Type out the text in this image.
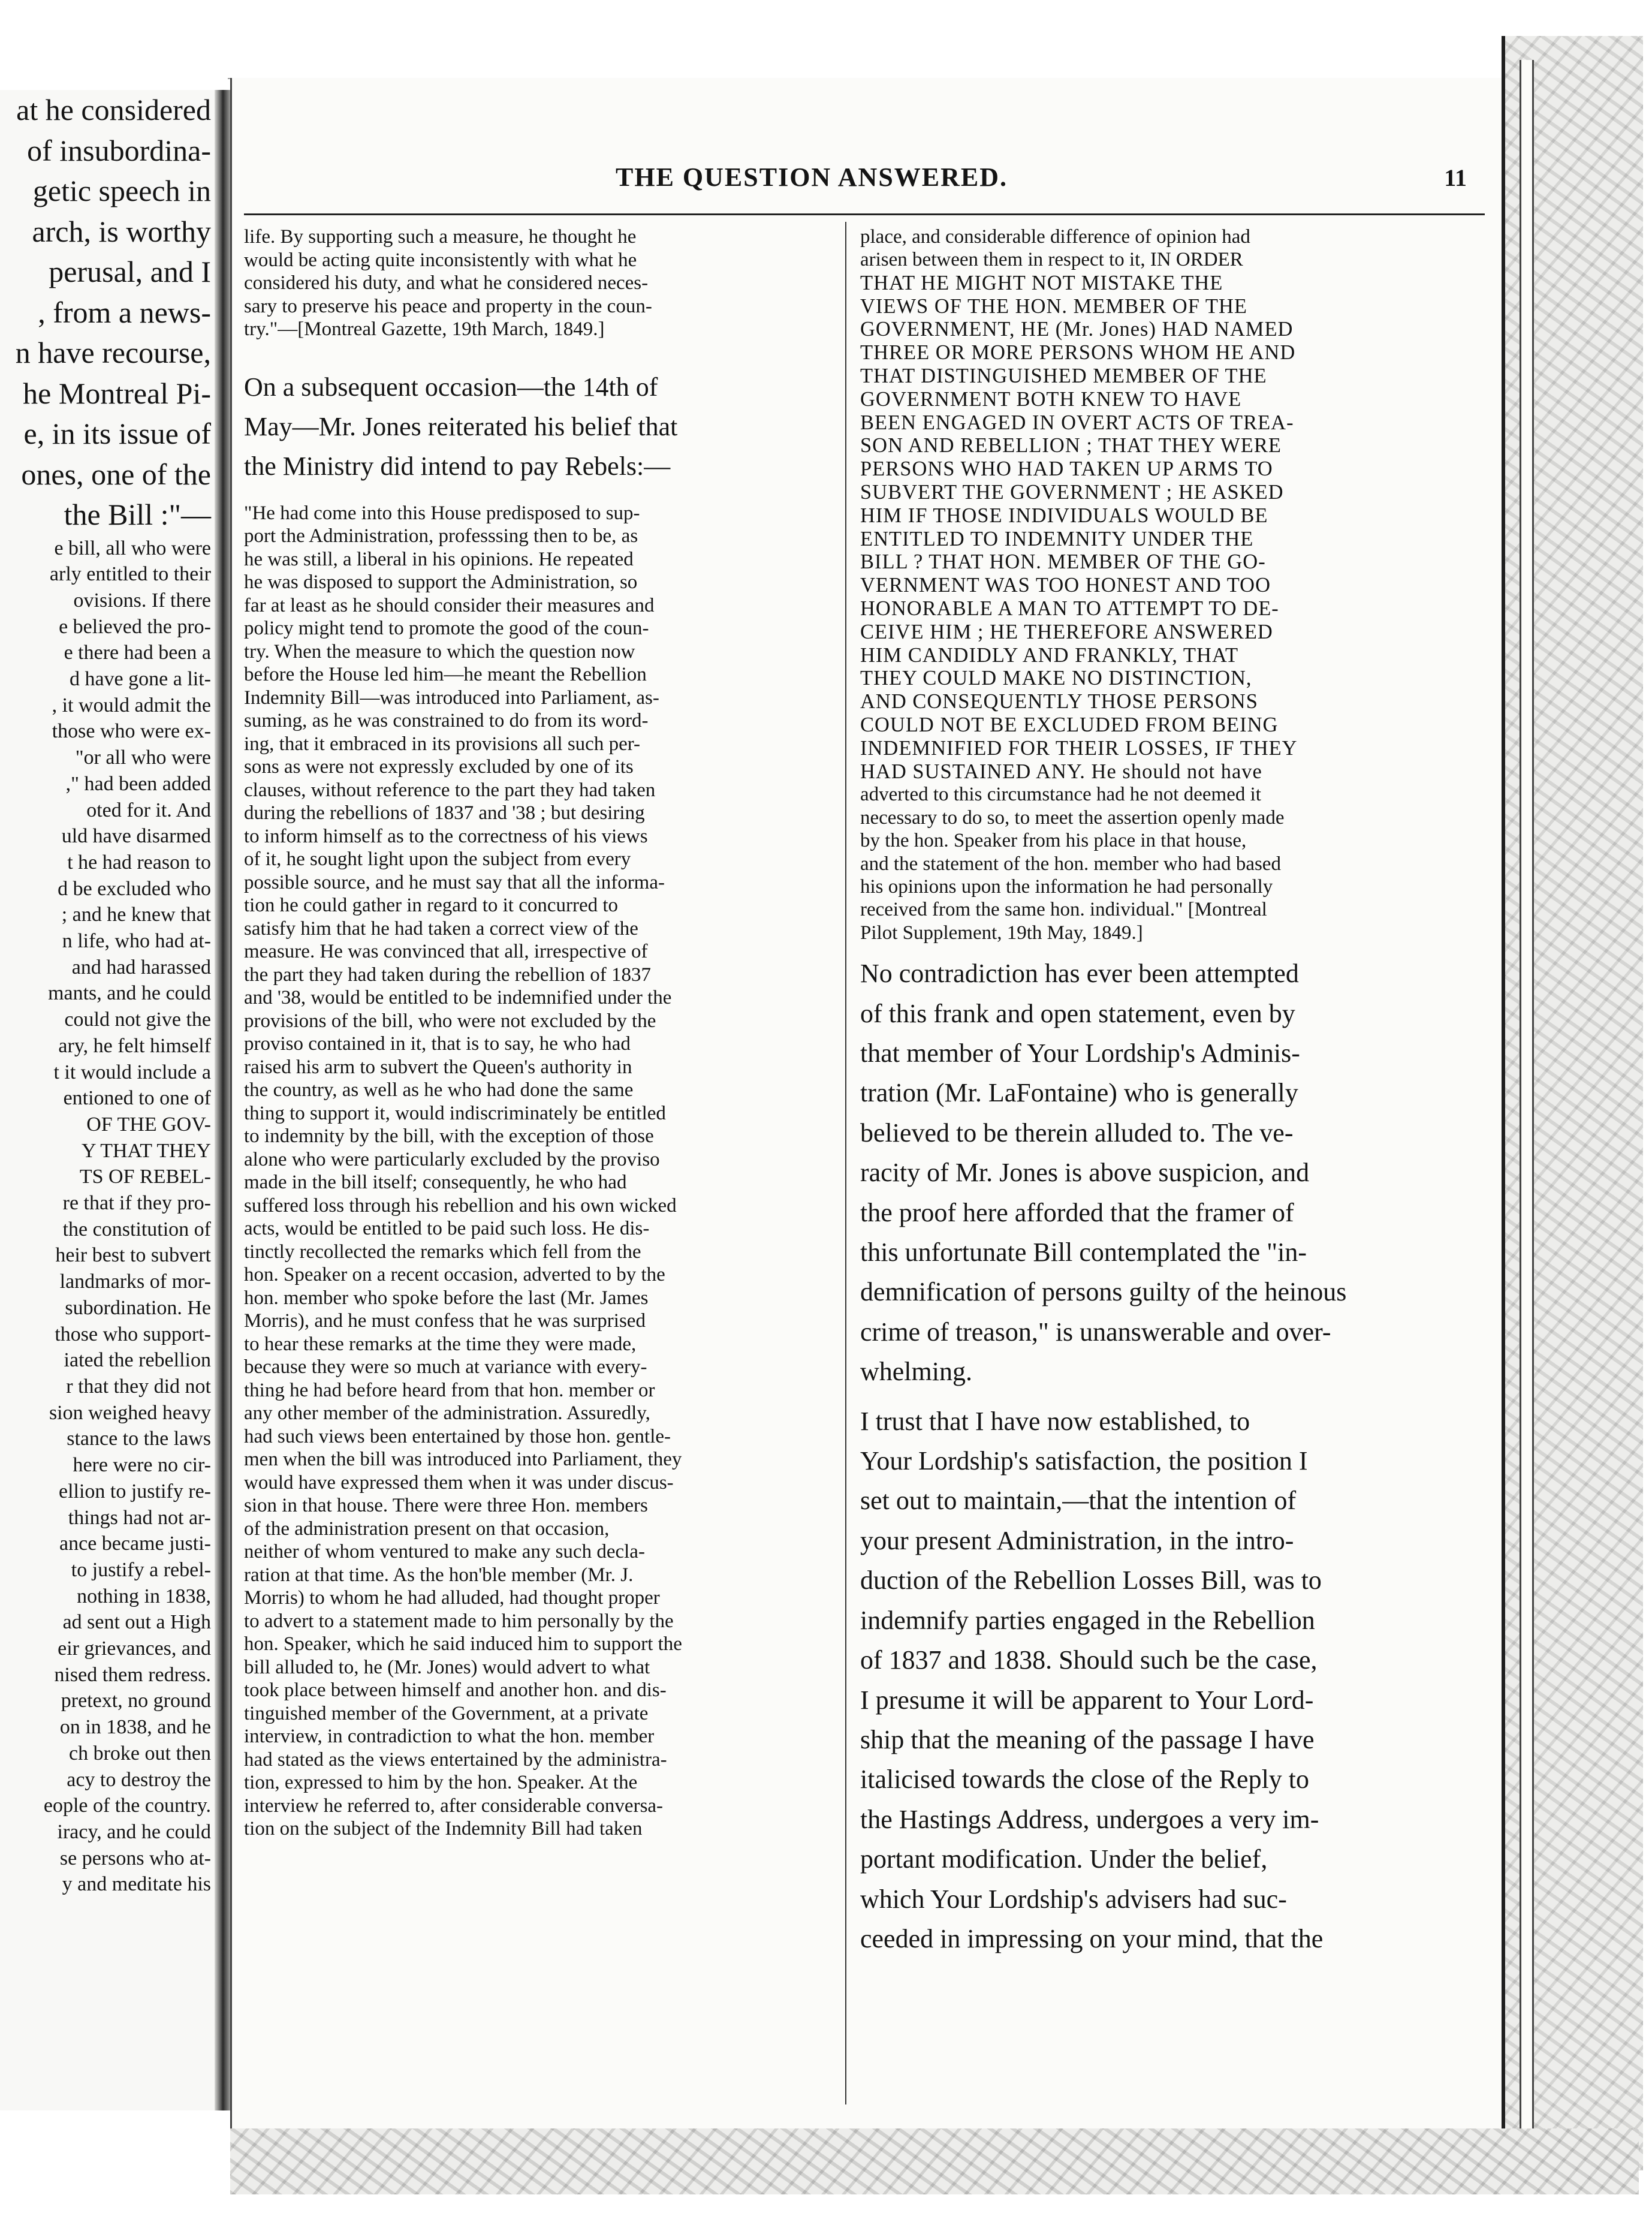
at he considered
of insubordina-
getic speech in
arch, is worthy
perusal, and I
, from a news-
n have recourse,
he Montreal Pi-
e, in its issue of
ones, one of the
the Bill :"—
e bill, all who were
arly entitled to their
ovisions. If there
e believed the pro-
e there had been a
d have gone a lit-
, it would admit the
those who were ex-
"or all who were
," had been added
oted for it. And
uld have disarmed
t he had reason to
d be excluded who
; and he knew that
n life, who had at-
and had harassed
mants, and he could
could not give the
ary, he felt himself
t it would include a
entioned to one of
OF THE GOV-
Y THAT THEY
TS OF REBEL-
re that if they pro-
the constitution of
heir best to subvert
landmarks of mor-
subordination. He
those who support-
iated the rebellion
r that they did not
sion weighed heavy
stance to the laws
here were no cir-
ellion to justify re-
things had not ar-
ance became justi-
to justify a rebel-
nothing in 1838,
ad sent out a High
eir grievances, and
nised them redress.
pretext, no ground
on in 1838, and he
ch broke out then
acy to destroy the
eople of the country.
iracy, and he could
se persons who at-
y and meditate his
THE QUESTION ANSWERED.	11
life. By supporting such a measure, he thought he
would be acting quite inconsistently with what he
considered his duty, and what he considered neces-
sary to preserve his peace and property in the coun-
try."—[Montreal Gazette, 19th March, 1849.]
On a subsequent occasion—the 14th of
May—Mr. Jones reiterated his belief that
the Ministry did intend to pay Rebels:—
"He had come into this House predisposed to sup-
port the Administration, professsing then to be, as
he was still, a liberal in his opinions. He repeated
he was disposed to support the Administration, so
far at least as he should consider their measures and
policy might tend to promote the good of the coun-
try. When the measure to which the question now
before the House led him—he meant the Rebellion
Indemnity Bill—was introduced into Parliament, as-
suming, as he was constrained to do from its word-
ing, that it embraced in its provisions all such per-
sons as were not expressly excluded by one of its
clauses, without reference to the part they had taken
during the rebellions of 1837 and '38 ; but desiring
to inform himself as to the correctness of his views
of it, he sought light upon the subject from every
possible source, and he must say that all the informa-
tion he could gather in regard to it concurred to
satisfy him that he had taken a correct view of the
measure. He was convinced that all, irrespective of
the part they had taken during the rebellion of 1837
and '38, would be entitled to be indemnified under the
provisions of the bill, who were not excluded by the
proviso contained in it, that is to say, he who had
raised his arm to subvert the Queen's authority in
the country, as well as he who had done the same
thing to support it, would indiscriminately be entitled
to indemnity by the bill, with the exception of those
alone who were particularly excluded by the proviso
made in the bill itself; consequently, he who had
suffered loss through his rebellion and his own wicked
acts, would be entitled to be paid such loss. He dis-
tinctly recollected the remarks which fell from the
hon. Speaker on a recent occasion, adverted to by the
hon. member who spoke before the last (Mr. James
Morris), and he must confess that he was surprised
to hear these remarks at the time they were made,
because they were so much at variance with every-
thing he had before heard from that hon. member or
any other member of the administration. Assuredly,
had such views been entertained by those hon. gentle-
men when the bill was introduced into Parliament, they
would have expressed them when it was under discus-
sion in that house. There were three Hon. members
of the administration present on that occasion,
neither of whom ventured to make any such decla-
ration at that time. As the hon'ble member (Mr. J.
Morris) to whom he had alluded, had thought proper
to advert to a statement made to him personally by the
hon. Speaker, which he said induced him to support the
bill alluded to, he (Mr. Jones) would advert to what
took place between himself and another hon. and dis-
tinguished member of the Government, at a private
interview, in contradiction to what the hon. member
had stated as the views entertained by the administra-
tion, expressed to him by the hon. Speaker. At the
interview he referred to, after considerable conversa-
tion on the subject of the Indemnity Bill had taken
place, and considerable difference of opinion had
arisen between them in respect to it, IN ORDER
THAT HE MIGHT NOT MISTAKE THE
VIEWS OF THE HON. MEMBER OF THE
GOVERNMENT, HE (Mr. Jones) HAD NAMED
THREE OR MORE PERSONS WHOM HE AND
THAT DISTINGUISHED MEMBER OF THE
GOVERNMENT BOTH KNEW TO HAVE
BEEN ENGAGED IN OVERT ACTS OF TREA-
SON AND REBELLION ; THAT THEY WERE
PERSONS WHO HAD TAKEN UP ARMS TO
SUBVERT THE GOVERNMENT ; HE ASKED
HIM IF THOSE INDIVIDUALS WOULD BE
ENTITLED TO INDEMNITY UNDER THE
BILL ? THAT HON. MEMBER OF THE GO-
VERNMENT WAS TOO HONEST AND TOO
HONORABLE A MAN TO ATTEMPT TO DE-
CEIVE HIM ; HE THEREFORE ANSWERED
HIM CANDIDLY AND FRANKLY, THAT
THEY COULD MAKE NO DISTINCTION,
AND CONSEQUENTLY THOSE PERSONS
COULD NOT BE EXCLUDED FROM BEING
INDEMNIFIED FOR THEIR LOSSES, IF THEY
HAD SUSTAINED ANY. He should not have
adverted to this circumstance had he not deemed it
necessary to do so, to meet the assertion openly made
by the hon. Speaker from his place in that house,
and the statement of the hon. member who had based
his opinions upon the information he had personally
received from the same hon. individual." [Montreal
Pilot Supplement, 19th May, 1849.]
No contradiction has ever been attempted
of this frank and open statement, even by
that member of Your Lordship's Adminis-
tration (Mr. LaFontaine) who is generally
believed to be therein alluded to. The ve-
racity of Mr. Jones is above suspicion, and
the proof here afforded that the framer of
this unfortunate Bill contemplated the "in-
demnification of persons guilty of the heinous
crime of treason," is unanswerable and over-
whelming.
I trust that I have now established, to
Your Lordship's satisfaction, the position I
set out to maintain,—that the intention of
your present Administration, in the intro-
duction of the Rebellion Losses Bill, was to
indemnify parties engaged in the Rebellion
of 1837 and 1838. Should such be the case,
I presume it will be apparent to Your Lord-
ship that the meaning of the passage I have
italicised towards the close of the Reply to
the Hastings Address, undergoes a very im-
portant modification. Under the belief,
which Your Lordship's advisers had suc-
ceeded in impressing on your mind, that the
